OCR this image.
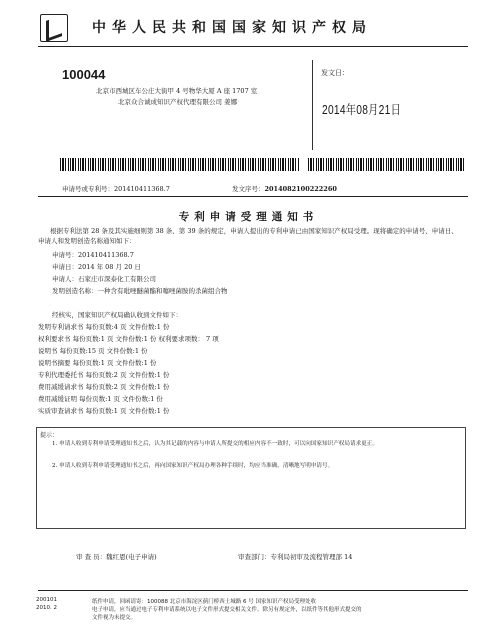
中华人民共和国国家知识产权局
100044
北京市西城区车公庄大街甲 4 号物华大厦 A 座 1707 室
北京众合诚成知识产权代理有限公司 姜娜
发文日：
2014年08月21日
申请号或专利号：201410411368.7	发文序号：2014082100222260
专利申请受理通知书
根据专利法第 28 条及其实施细则第 38 条、第 39 条的规定，申请人提出的专利申请已由国家知识产权局受理。现将确定的申请号、申请日、申请人和发明创造名称通知如下：
申请号：201410411368.7
申请日：2014 年 08 月 20 日
申请人：石家庄市深泰化工有限公司
发明创造名称：一种含有吡唑醚菌酯和噻唑菌胺的杀菌组合物
经核实，国家知识产权局确认收到文件如下：
发明专利请求书 每份页数:4 页 文件份数:1 份
权利要求书 每份页数:1 页 文件份数:1 份 权利要求项数： 7 项
说明书 每份页数:15 页 文件份数:1 份
说明书摘要 每份页数:1 页 文件份数:1 份
专利代理委托书 每份页数:2 页 文件份数:1 份
费用减缓请求书 每份页数:2 页 文件份数:1 份
费用减缓证明 每份页数:1 页 文件份数:1 份
实质审查请求书 每份页数:1 页 文件份数:1 份
提示：
1. 申请人收到专利申请受理通知书之后，认为其记载的内容与申请人所提交的相应内容不一致时，可以向国家知识产权局请求更正。
2. 申请人收到专利申请受理通知书之后，再向国家知识产权局办理各种手续时，均应当准确、清晰地写明申请号。
审 查 员：魏红恩(电子申请)	审查部门：专利局初审及流程管理部 14
200101
2010. 2
纸件申请，回函请寄：100088 北京市海淀区蓟门桥西土城路 6 号 国家知识产权局受理处收
电子申请，应当通过电子专利申请系统以电子文件形式提交相关文件。除另有规定外，以纸件等其他形式提交的
文件视为未提交。
